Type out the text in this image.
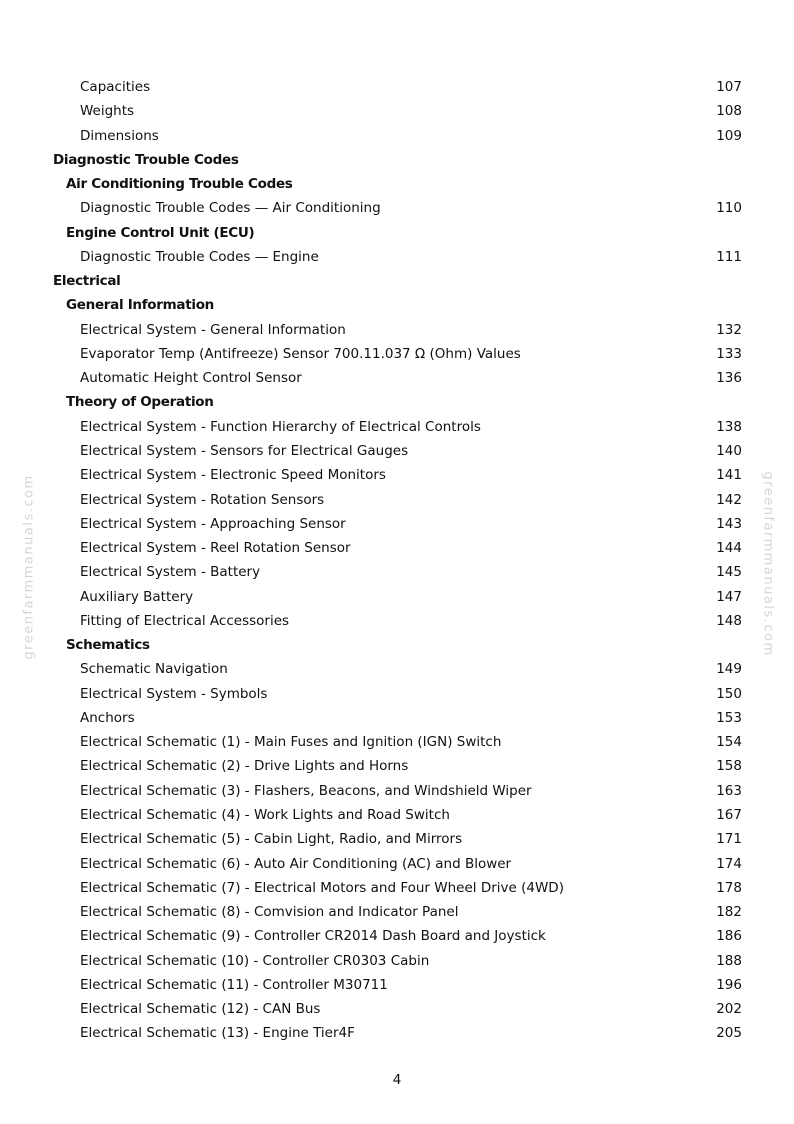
Capacities	107
Weights	108
Dimensions	109
Diagnostic Trouble Codes
Air Conditioning Trouble Codes
Diagnostic Trouble Codes — Air Conditioning	110
Engine Control Unit (ECU)
Diagnostic Trouble Codes — Engine	111
Electrical
General Information
Electrical System - General Information	132
Evaporator Temp (Antifreeze) Sensor 700.11.037 Ω (Ohm) Values	133
Automatic Height Control Sensor	136
Theory of Operation
Electrical System - Function Hierarchy of Electrical Controls	138
Electrical System - Sensors for Electrical Gauges	140
Electrical System - Electronic Speed Monitors	141
Electrical System - Rotation Sensors	142
Electrical System - Approaching Sensor	143
Electrical System - Reel Rotation Sensor	144
Electrical System - Battery	145
Auxiliary Battery	147
Fitting of Electrical Accessories	148
Schematics
Schematic Navigation	149
Electrical System - Symbols	150
Anchors	153
Electrical Schematic (1) - Main Fuses and Ignition (IGN) Switch	154
Electrical Schematic (2) - Drive Lights and Horns	158
Electrical Schematic (3) - Flashers, Beacons, and Windshield Wiper	163
Electrical Schematic (4) - Work Lights and Road Switch	167
Electrical Schematic (5) - Cabin Light, Radio, and Mirrors	171
Electrical Schematic (6) - Auto Air Conditioning (AC) and Blower	174
Electrical Schematic (7) - Electrical Motors and Four Wheel Drive (4WD)	178
Electrical Schematic (8) - Comvision and Indicator Panel	182
Electrical Schematic (9) - Controller CR2014 Dash Board and Joystick	186
Electrical Schematic (10) - Controller CR0303 Cabin	188
Electrical Schematic (11) - Controller M30711	196
Electrical Schematic (12) - CAN Bus	202
Electrical Schematic (13) - Engine Tier4F	205
greenfarmmanuals.com	greenfarmmanuals.com
4
